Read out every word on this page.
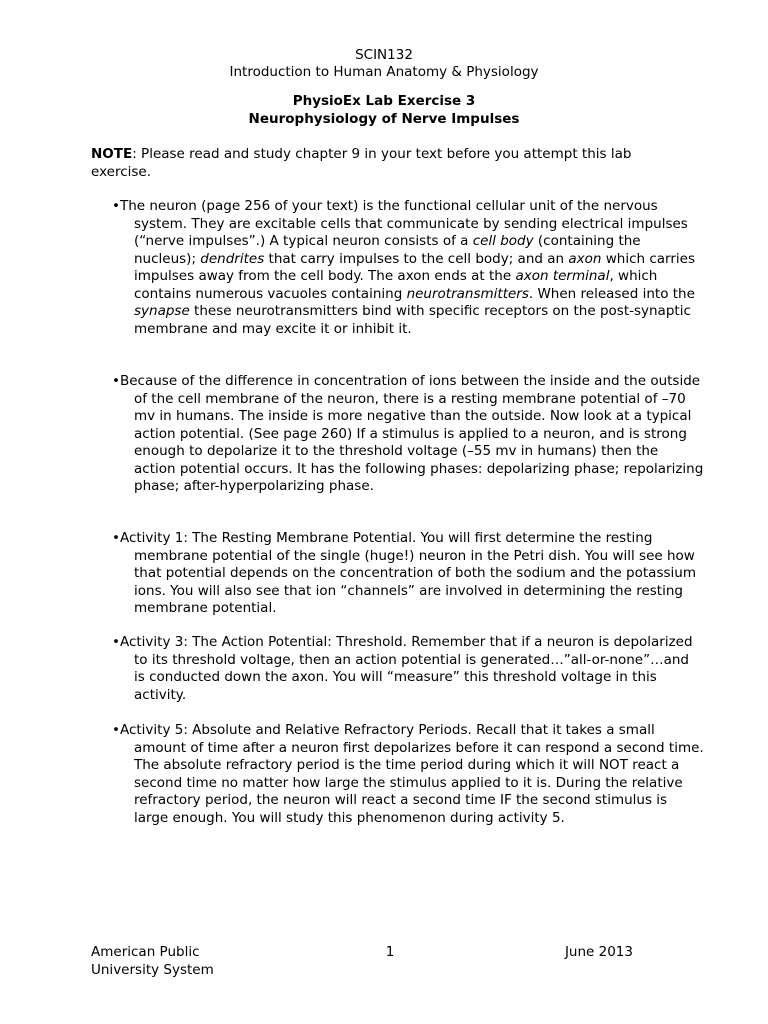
SCIN132
Introduction to Human Anatomy & Physiology
PhysioEx Lab Exercise 3
Neurophysiology of Nerve Impulses
NOTE: Please read and study chapter 9 in your text before you attempt this lab exercise.
•The neuron (page 256 of your text) is the functional cellular unit of the nervous system. They are excitable cells that communicate by sending electrical impulses (“nerve impulses”.) A typical neuron consists of a cell body (containing the nucleus); dendrites that carry impulses to the cell body; and an axon which carries impulses away from the cell body. The axon ends at the axon terminal, which contains numerous vacuoles containing neurotransmitters. When released into the synapse these neurotransmitters bind with specific receptors on the post-synaptic membrane and may excite it or inhibit it.
•Because of the difference in concentration of ions between the inside and the outside of the cell membrane of the neuron, there is a resting membrane potential of –70 mv in humans. The inside is more negative than the outside. Now look at a typical action potential. (See page 260) If a stimulus is applied to a neuron, and is strong enough to depolarize it to the threshold voltage (–55 mv in humans) then the action potential occurs. It has the following phases: depolarizing phase; repolarizing phase; after-hyperpolarizing phase.
•Activity 1: The Resting Membrane Potential. You will first determine the resting membrane potential of the single (huge!) neuron in the Petri dish. You will see how that potential depends on the concentration of both the sodium and the potassium ions. You will also see that ion “channels” are involved in determining the resting membrane potential.
•Activity 3: The Action Potential: Threshold. Remember that if a neuron is depolarized to its threshold voltage, then an action potential is generated…”all-or-none”…and is conducted down the axon. You will “measure” this threshold voltage in this activity.
•Activity 5: Absolute and Relative Refractory Periods. Recall that it takes a small amount of time after a neuron first depolarizes before it can respond a second time. The absolute refractory period is the time period during which it will NOT react a second time no matter how large the stimulus applied to it is. During the relative refractory period, the neuron will react a second time IF the second stimulus is large enough. You will study this phenomenon during activity 5.
American Public
University System
1	June 2013
